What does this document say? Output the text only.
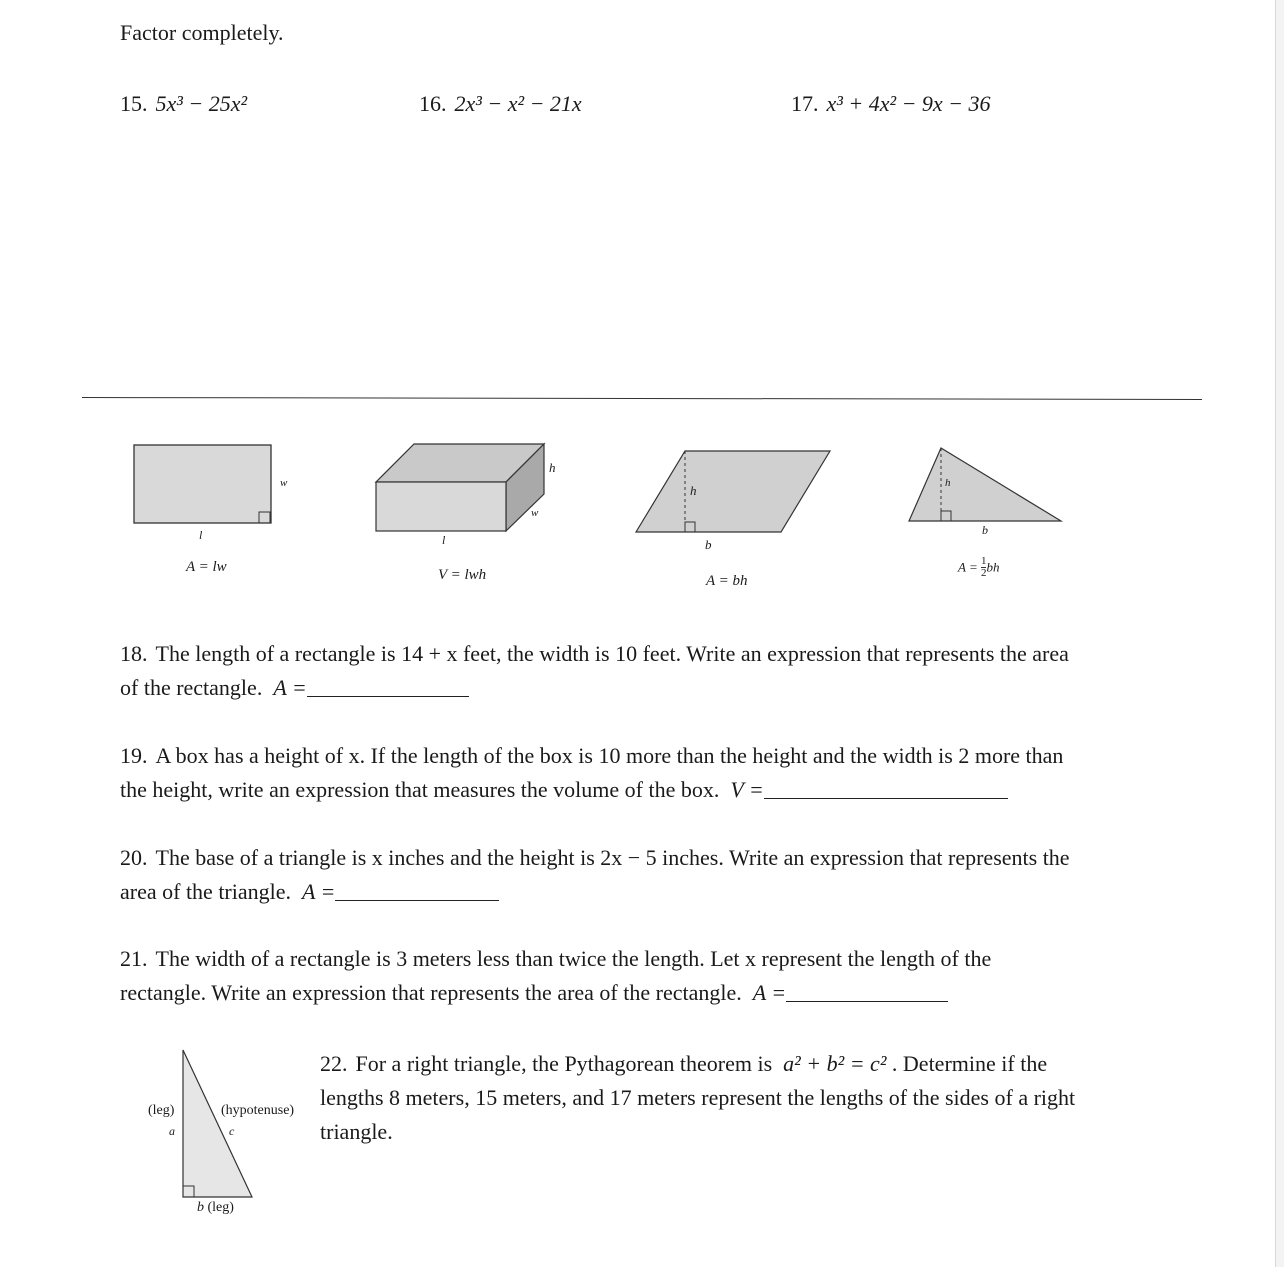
Factor completely.
15. 5x³ − 25x²	16. 2x³ − x² − 21x	17. x³ + 4x² − 9x − 36
w
l
A = lw
h
w
l
V = lwh
h
b
A = bh
h
b
$A = \frac{1}{2}$ bh
18. The length of a rectangle is 14 + x feet, the width is 10 feet. Write an expression that represents the area
of the rectangle. A =
19. A box has a height of x. If the length of the box is 10 more than the height and the width is 2 more than
the height, write an expression that measures the volume of the box. V =
20. The base of a triangle is x inches and the height is 2x − 5 inches. Write an expression that represents the
area of the triangle. A =
21. The width of a rectangle is 3 meters less than twice the length. Let x represent the length of the
rectangle. Write an expression that represents the area of the rectangle. A =
(leg)
a
(hypotenuse)
c
b (leg)
22. For a right triangle, the Pythagorean theorem is a² + b² = c² . Determine if the
lengths 8 meters, 15 meters, and 17 meters represent the lengths of the sides of a right
triangle.
